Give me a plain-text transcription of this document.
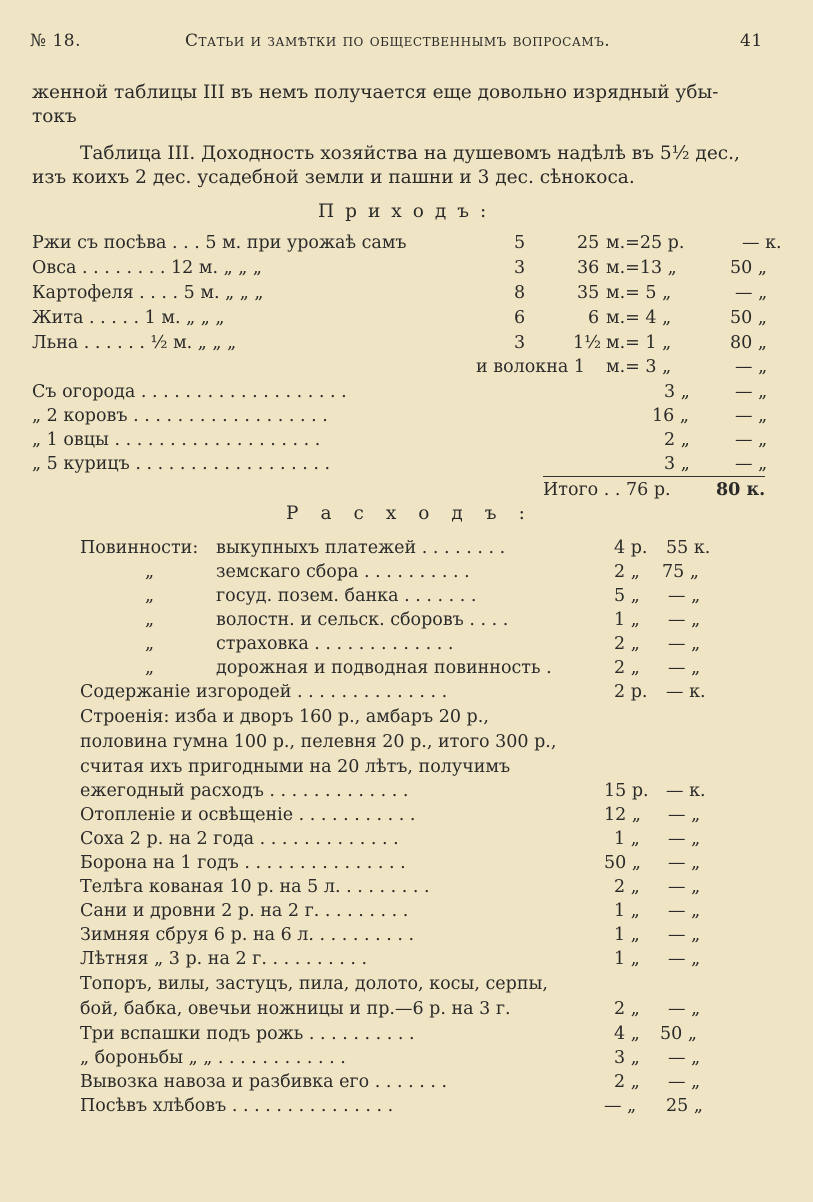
№ 18.	Статьи и замѣтки по общественнымъ вопросамъ.	41
женной таблицы III въ немъ получается еще довольно изрядный убы-
токъ
Таблица III. Доходность хозяйства на душевомъ надѣлѣ въ 5½ дес.,
изъ коихъ 2 дес. усадебной земли и пашни и 3 дес. сѣнокоса.
Приходъ:
Ржи съ посѣва . . . 5 м. при урожаѣ самъ	5	25 м.=25 р.	— к.
Овса . . . . . . . . 12 м. „ „ „	3	36 м.=13 „	50 „
Картофеля . . . . 5 м. „ „ „	8	35 м.= 5 „	— „
Жита . . . . . 1 м. „ „ „	6	6 м.= 4 „	50 „
Льна . . . . . . ½ м. „ „ „	3	1½ м.= 1 „	80 „
и волокна 1 м.= 3 „	— „
Съ огорода . . . . . . . . . . . . . . . . . . .	3 „	— „
„ 2 коровъ . . . . . . . . . . . . . . . . . .	16 „	— „
„ 1 овцы . . . . . . . . . . . . . . . . . . .	2 „	— „
„ 5 курицъ . . . . . . . . . . . . . . . . . .	3 „	— „
Итого . . 76 р.	80 к.
Расходъ:
Повинности: выкупныхъ платежей . . . . . . . .	4 р. 55 к.
„	земскаго сбора . . . . . . . . . .	2 „ 75 „
„	госуд. позем. банка . . . . . . .	5 „ — „
„	волостн. и сельск. сборовъ . . . .	1 „ — „
„	страховка . . . . . . . . . . . . .	2 „ — „
„	дорожная и подводная повинность .	2 „ — „
Содержаніе изгородей . . . . . . . . . . . . . .	2 р. — к.
Строенія: изба и дворъ 160 р., амбаръ 20 р.,
половина гумна 100 р., пелевня 20 р., итого 300 р.,
считая ихъ пригодными на 20 лѣтъ, получимъ
ежегодный расходъ . . . . . . . . . . . . .	15 р. — к.
Отопленіе и освѣщеніе . . . . . . . . . . .	12 „ — „
Соха 2 р. на 2 года . . . . . . . . . . . . .	1 „ — „
Борона на 1 годъ . . . . . . . . . . . . . . .	50 „ — „
Телѣга кованая 10 р. на 5 л. . . . . . . . .	2 „ — „
Сани и дровни 2 р. на 2 г. . . . . . . . .	1 „ — „
Зимняя сбруя 6 р. на 6 л. . . . . . . . . .	1 „ — „
Лѣтняя „ 3 р. на 2 г. . . . . . . . . .	1 „ — „
Топоръ, вилы, застуцъ, пила, долото, косы, серпы,
бой, бабка, овечьи ножницы и пр.—6 р. на 3 г.	2 „ — „
Три вспашки подъ рожь . . . . . . . . . .	4 „ 50 „
„ бороньбы „ „ . . . . . . . . . . . .	3 „ — „
Вывозка навоза и разбивка его . . . . . . .	2 „ — „
Посѣвъ хлѣбовъ . . . . . . . . . . . . . . .	— „ 25 „
